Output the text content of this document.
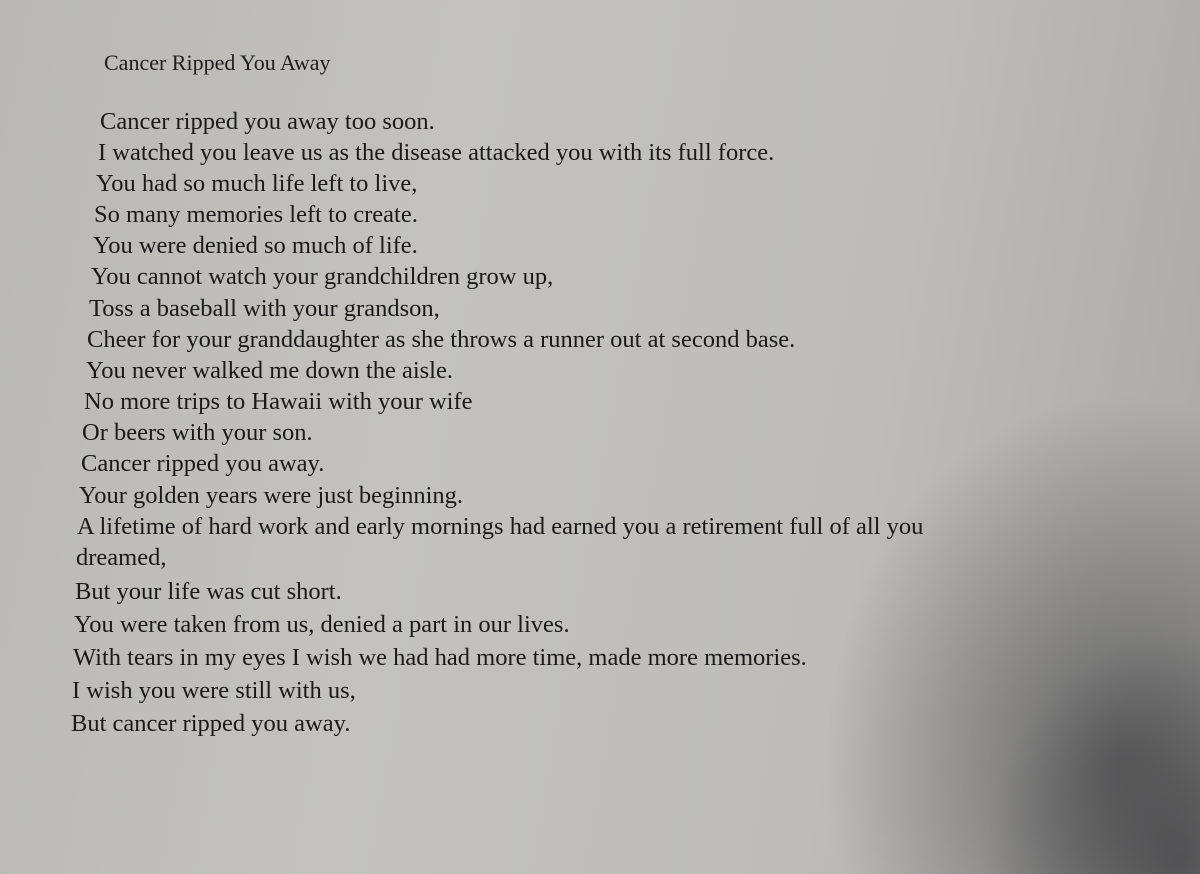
Cancer Ripped You Away

Cancer ripped you away too soon.

I watched you leave us as the disease attacked you with its full force.

You had so much life left to live,

So many memories left to create.

You were denied so much of life.

You cannot watch your grandchildren grow up,

Toss a baseball with your grandson,

Cheer for your granddaughter as she throws a runner out at second base.

You never walked me down the aisle.

No more trips to Hawaii with your wife

Or beers with your son.

Cancer ripped you away.

Your golden years were just beginning.

A lifetime of hard work and early mornings had earned you a retirement full of all you

dreamed,

But your life was cut short.

You were taken from us, denied a part in our lives.

With tears in my eyes I wish we had had more time, made more memories.

I wish you were still with us,

But cancer ripped you away.
